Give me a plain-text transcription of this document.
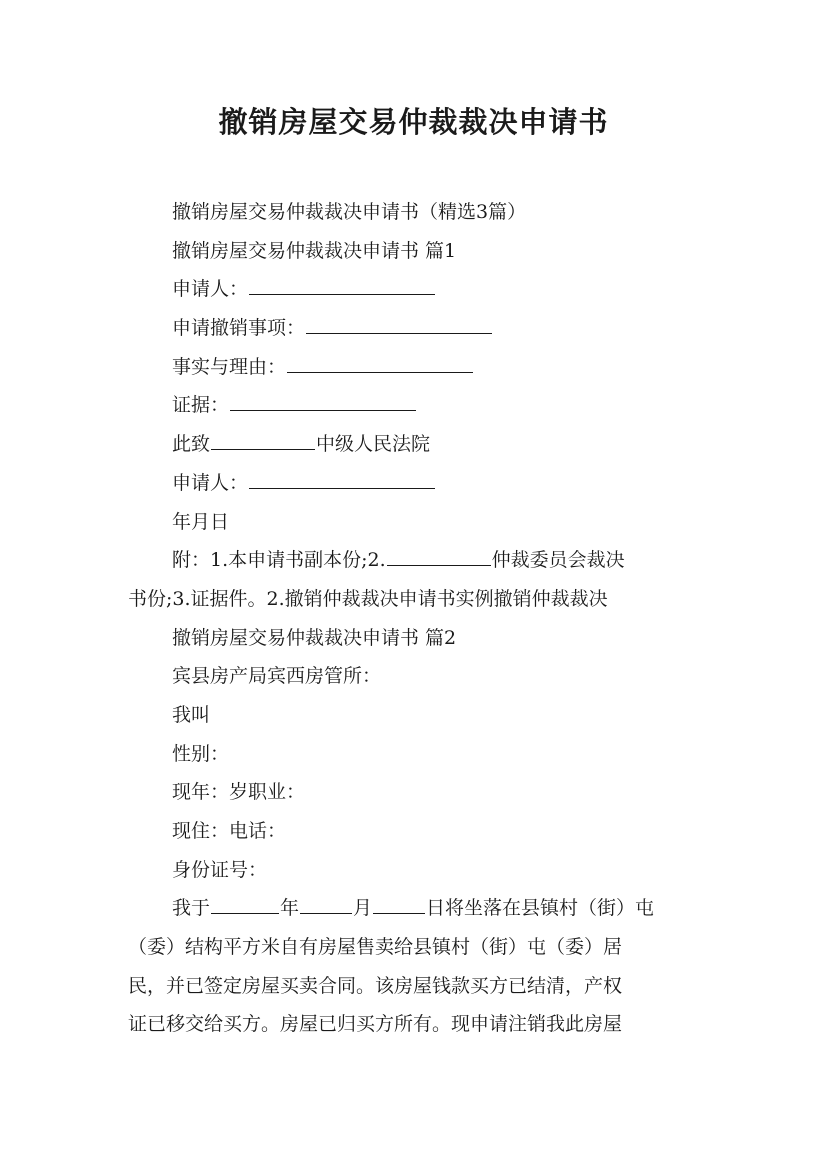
撤销房屋交易仲裁裁决申请书

撤销房屋交易仲裁裁决申请书（精选3篇）

撤销房屋交易仲裁裁决申请书 篇1

申请人：

申请撤销事项：

事实与理由：

证据：

此致	中级人民法院

申请人：

年月日

附：1.本申请书副本份;2.	仲裁委员会裁决

书份;3.证据件。2.撤销仲裁裁决申请书实例撤销仲裁裁决

撤销房屋交易仲裁裁决申请书 篇2

宾县房产局宾西房管所：

我叫

性别：

现年：岁职业：

现住：电话：

身份证号：

我于	年	月	日将坐落在县镇村（街）屯

（委）结构平方米自有房屋售卖给县镇村（街）屯（委）居

民，并已签定房屋买卖合同。该房屋钱款买方已结清，产权

证已移交给买方。房屋已归买方所有。现申请注销我此房屋
